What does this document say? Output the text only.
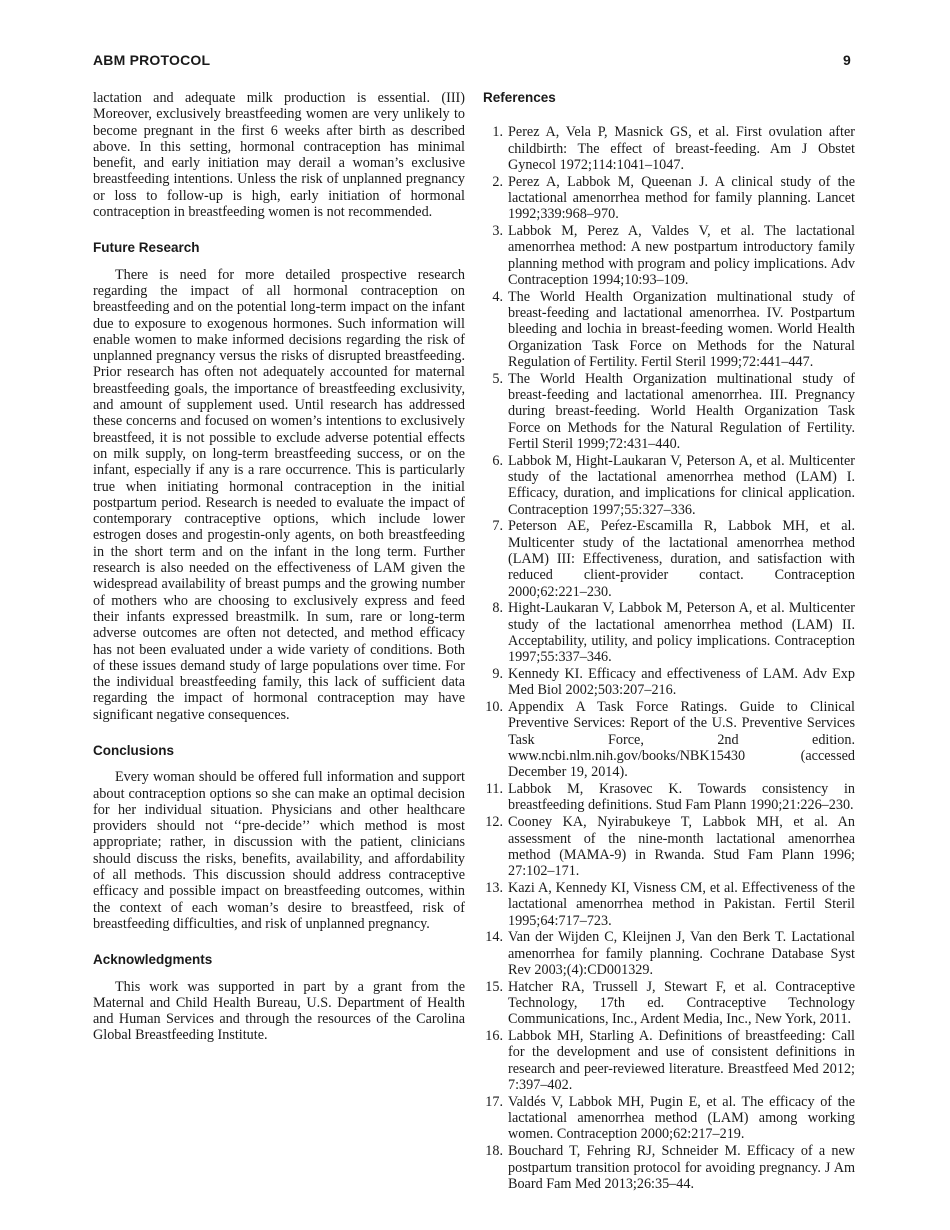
ABM PROTOCOL	9

lactation and adequate milk production is essential. (III) Moreover, exclusively breastfeeding women are very unlikely to become pregnant in the first 6 weeks after birth as described above. In this setting, hormonal contraception has minimal benefit, and early initiation may derail a woman’s exclusive breastfeeding intentions. Unless the risk of unplanned pregnancy or loss to follow-up is high, early initiation of hormonal contraception in breastfeeding women is not recommended.

Future Research

There is need for more detailed prospective research regarding the impact of all hormonal contraception on breastfeeding and on the potential long-term impact on the infant due to exposure to exogenous hormones. Such information will enable women to make informed decisions regarding the risk of unplanned pregnancy versus the risks of disrupted breastfeeding. Prior research has often not adequately accounted for maternal breastfeeding goals, the importance of breastfeeding exclusivity, and amount of supplement used. Until research has addressed these concerns and focused on women’s intentions to exclusively breastfeed, it is not possible to exclude adverse potential effects on milk supply, on long-term breastfeeding success, or on the infant, especially if any is a rare occurrence. This is particularly true when initiating hormonal contraception in the initial postpartum period. Research is needed to evaluate the impact of contemporary contraceptive options, which include lower estrogen doses and progestin-only agents, on both breastfeeding in the short term and on the infant in the long term. Further research is also needed on the effectiveness of LAM given the widespread availability of breast pumps and the growing number of mothers who are choosing to exclusively express and feed their infants expressed breastmilk. In sum, rare or long-term adverse outcomes are often not detected, and method efficacy has not been evaluated under a wide variety of conditions. Both of these issues demand study of large populations over time. For the individual breastfeeding family, this lack of sufficient data regarding the impact of hormonal contraception may have significant negative consequences.

Conclusions

Every woman should be offered full information and support about contraception options so she can make an optimal decision for her individual situation. Physicians and other healthcare providers should not ‘‘pre-decide’’ which method is most appropriate; rather, in discussion with the patient, clinicians should discuss the risks, benefits, availability, and affordability of all methods. This discussion should address contraceptive efficacy and possible impact on breastfeeding outcomes, within the context of each woman’s desire to breastfeed, risk of breastfeeding difficulties, and risk of unplanned pregnancy.

Acknowledgments

This work was supported in part by a grant from the Maternal and Child Health Bureau, U.S. Department of Health and Human Services and through the resources of the Carolina Global Breastfeeding Institute.

References
1. Perez A, Vela P, Masnick GS, et al. First ovulation after childbirth: The effect of breast-feeding. Am J Obstet Gynecol 1972;114:1041–1047.
2. Perez A, Labbok M, Queenan J. A clinical study of the lactational amenorrhea method for family planning. Lancet 1992;339:968–970.
3. Labbok M, Perez A, Valdes V, et al. The lactational amenorrhea method: A new postpartum introductory family planning method with program and policy implications. Adv Contraception 1994;10:93–109.
4. The World Health Organization multinational study of breast-feeding and lactational amenorrhea. IV. Postpartum bleeding and lochia in breast-feeding women. World Health Organization Task Force on Methods for the Natural Regulation of Fertility. Fertil Steril 1999;72:441–447.
5. The World Health Organization multinational study of breast-feeding and lactational amenorrhea. III. Pregnancy during breast-feeding. World Health Organization Task Force on Methods for the Natural Regulation of Fertility. Fertil Steril 1999;72:431–440.
6. Labbok M, Hight-Laukaran V, Peterson A, et al. Multicenter study of the lactational amenorrhea method (LAM) I. Efficacy, duration, and implications for clinical application. Contraception 1997;55:327–336.
7. Peterson AE, Peŕez-Escamilla R, Labbok MH, et al. Multicenter study of the lactational amenorrhea method (LAM) III: Effectiveness, duration, and satisfaction with reduced client-provider contact. Contraception 2000;62:221–230.
8. Hight-Laukaran V, Labbok M, Peterson A, et al. Multicenter study of the lactational amenorrhea method (LAM) II. Acceptability, utility, and policy implications. Contraception 1997;55:337–346.
9. Kennedy KI. Efficacy and effectiveness of LAM. Adv Exp Med Biol 2002;503:207–216.
10. Appendix A Task Force Ratings. Guide to Clinical Preventive Services: Report of the U.S. Preventive Services Task Force, 2nd edition. www.ncbi.nlm.nih.gov/books/NBK15430 (accessed December 19, 2014).
11. Labbok M, Krasovec K. Towards consistency in breastfeeding definitions. Stud Fam Plann 1990;21:226–230.
12. Cooney KA, Nyirabukeye T, Labbok MH, et al. An assessment of the nine-month lactational amenorrhea method (MAMA-9) in Rwanda. Stud Fam Plann 1996; 27:102–171.
13. Kazi A, Kennedy KI, Visness CM, et al. Effectiveness of the lactational amenorrhea method in Pakistan. Fertil Steril 1995;64:717–723.
14. Van der Wijden C, Kleijnen J, Van den Berk T. Lactational amenorrhea for family planning. Cochrane Database Syst Rev 2003;(4):CD001329.
15. Hatcher RA, Trussell J, Stewart F, et al. Contraceptive Technology, 17th ed. Contraceptive Technology Communications, Inc., Ardent Media, Inc., New York, 2011.
16. Labbok MH, Starling A. Definitions of breastfeeding: Call for the development and use of consistent definitions in research and peer-reviewed literature. Breastfeed Med 2012; 7:397–402.
17. Valdés V, Labbok MH, Pugin E, et al. The efficacy of the lactational amenorrhea method (LAM) among working women. Contraception 2000;62:217–219.
18. Bouchard T, Fehring RJ, Schneider M. Efficacy of a new postpartum transition protocol for avoiding pregnancy. J Am Board Fam Med 2013;26:35–44.
